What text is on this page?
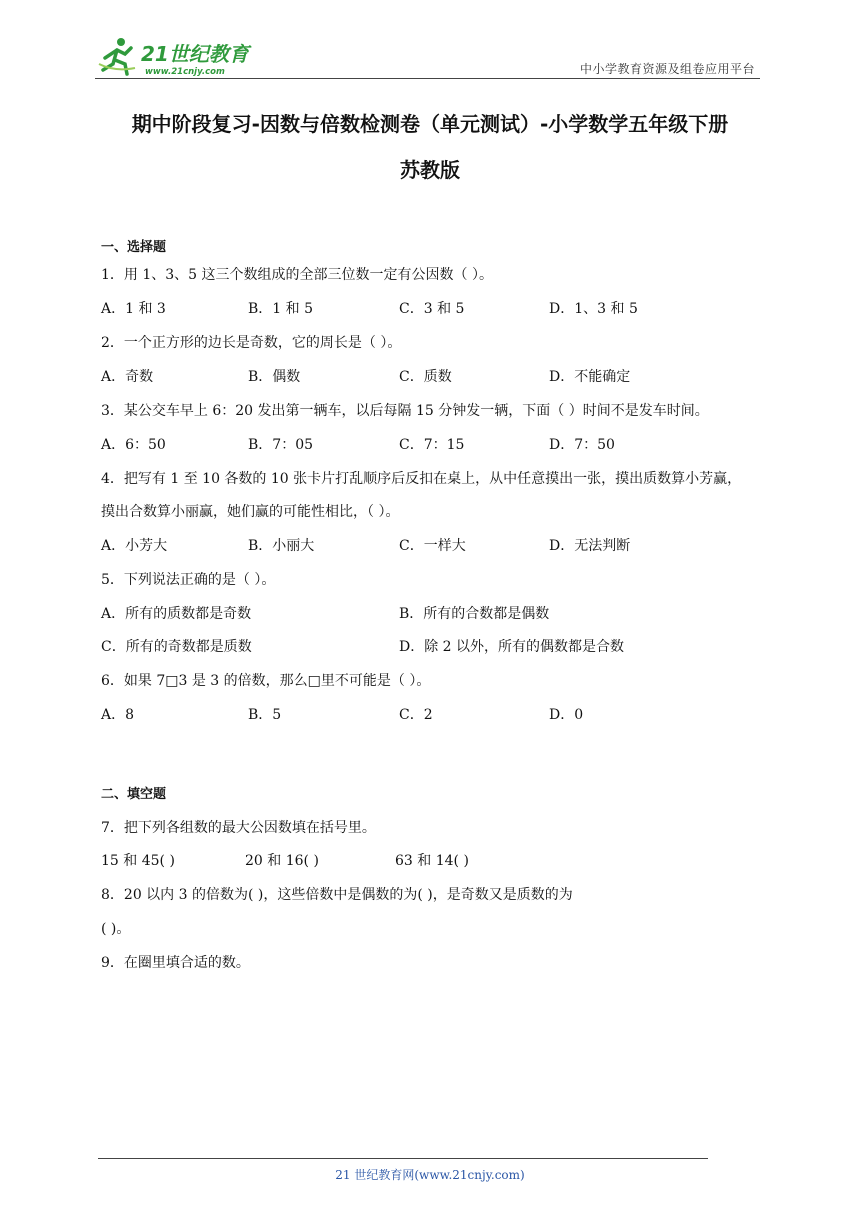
21世纪教育
www.21cnjy.com	中小学教育资源及组卷应用平台
期中阶段复习-因数与倍数检测卷（单元测试）-小学数学五年级下册
苏教版
一、选择题
1．用 1、3、5 这三个数组成的全部三位数一定有公因数（ ）。
A．1 和 3	B．1 和 5	C．3 和 5	D．1、3 和 5
2．一个正方形的边长是奇数，它的周长是（ ）。
A．奇数	B．偶数	C．质数	D．不能确定
3．某公交车早上 6：20 发出第一辆车，以后每隔 15 分钟发一辆，下面（ ）时间不是发车时间。
A．6：50	B．7：05	C．7：15	D．7：50
4．把写有 1 至 10 各数的 10 张卡片打乱顺序后反扣在桌上，从中任意摸出一张，摸出质数算小芳赢，
摸出合数算小丽赢，她们赢的可能性相比，（ ）。
A．小芳大	B．小丽大	C．一样大	D．无法判断
5．下列说法正确的是（ ）。
A．所有的质数都是奇数	B．所有的合数都是偶数
C．所有的奇数都是质数	D．除 2 以外，所有的偶数都是合数
6．如果 7□3 是 3 的倍数，那么□里不可能是（ ）。
A．8	B．5	C．2	D．0
二、填空题
7．把下列各组数的最大公因数填在括号里。
15 和 45( )	20 和 16( )	63 和 14( )
8．20 以内 3 的倍数为( )，这些倍数中是偶数的为( )，是奇数又是质数的为
( )。
9．在圈里填合适的数。
21 世纪教育网(www.21cnjy.com)
